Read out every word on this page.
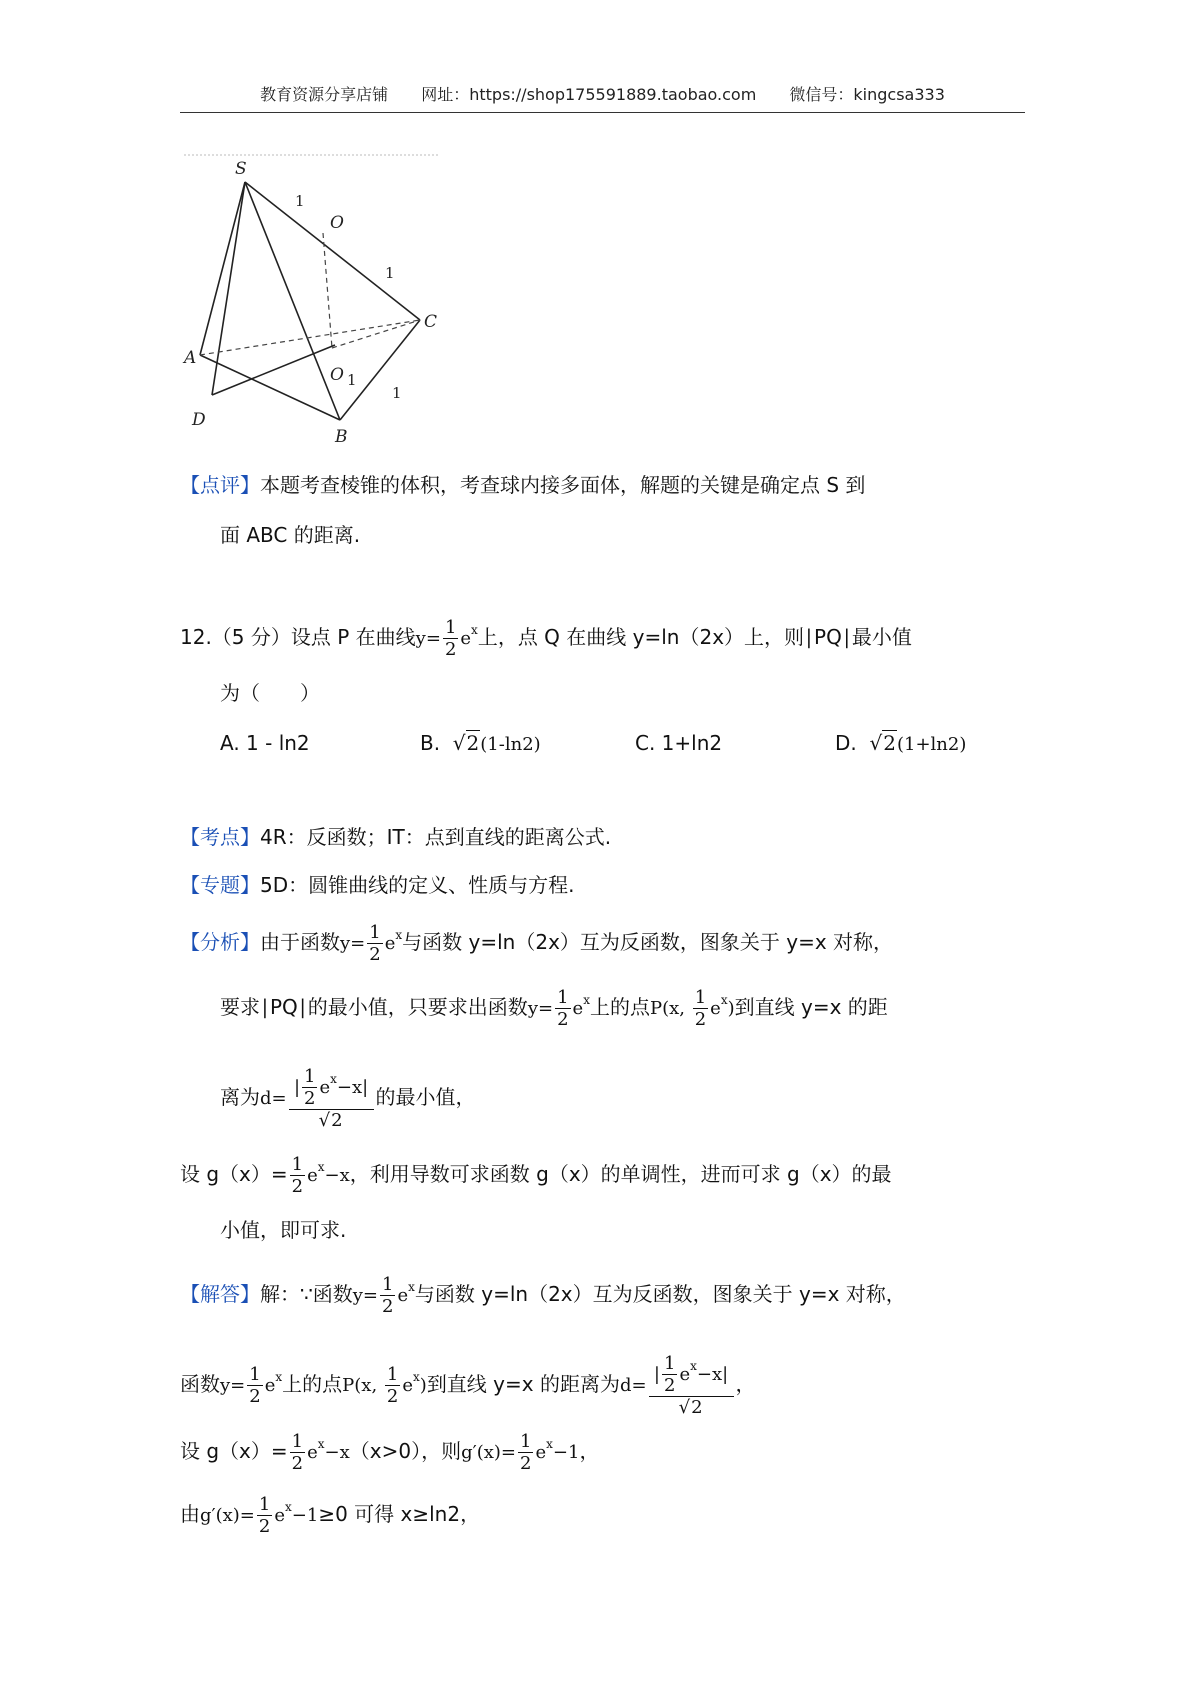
教育资源分享店铺 网址：https://shop175591889.taobao.com 微信号：kingcsa333
S
O
A
C
O 1
D
B
1
1
1
【点评】本题考查棱锥的体积，考查球内接多面体，解题的关键是确定点 S 到
面 ABC 的距离.
12.（5 分）设点 P 在曲线$y= \frac{1}{2} e^x$上，点 Q 在曲线 y=ln（2x）上，则∣PQ∣最小值
为（　　）
A. 1 - ln2	B. √2(1-ln2)	C. 1+ln2	D. √2(1+ln2)
【考点】4R：反函数；IT：点到直线的距离公式.
【专题】5D：圆锥曲线的定义、性质与方程.
【分析】由于函数$y= \frac{1}{2} e^x$与函数 y=ln（2x）互为反函数，图象关于 y=x 对称，
要求∣PQ∣的最小值，只要求出函数$y= \frac{1}{2} e^x$上的点P(x, $\frac{1}{2} e^x$)到直线 y=x 的距
离为$d= \frac{| \frac{1}{2} e^x-x|}{√2}$ 的最小值，
设 $g(x)= \frac{1}{2} e^x-x$，利用导数可求函数 g（x）的单调性，进而可求 g（x）的最
小值，即可求.
【解答】解：∵函数$y= \frac{1}{2} e^x$与函数 y=ln（2x）互为反函数，图象关于 y=x 对称，
函数$y= \frac{1}{2} e^x$上的点P(x, $\frac{1}{2} e^x$)到直线 y=x 的距离为$d= \frac{| \frac{1}{2} e^x-x|}{√2}$ ，
设 $g(x)= \frac{1}{2} e^x-x(x>0)$，则$g'(x)= \frac{1}{2} e^x-1$，
由$g'(x)= \frac{1}{2} e^x-1\ge 0$ 可得 x≥ln2，
